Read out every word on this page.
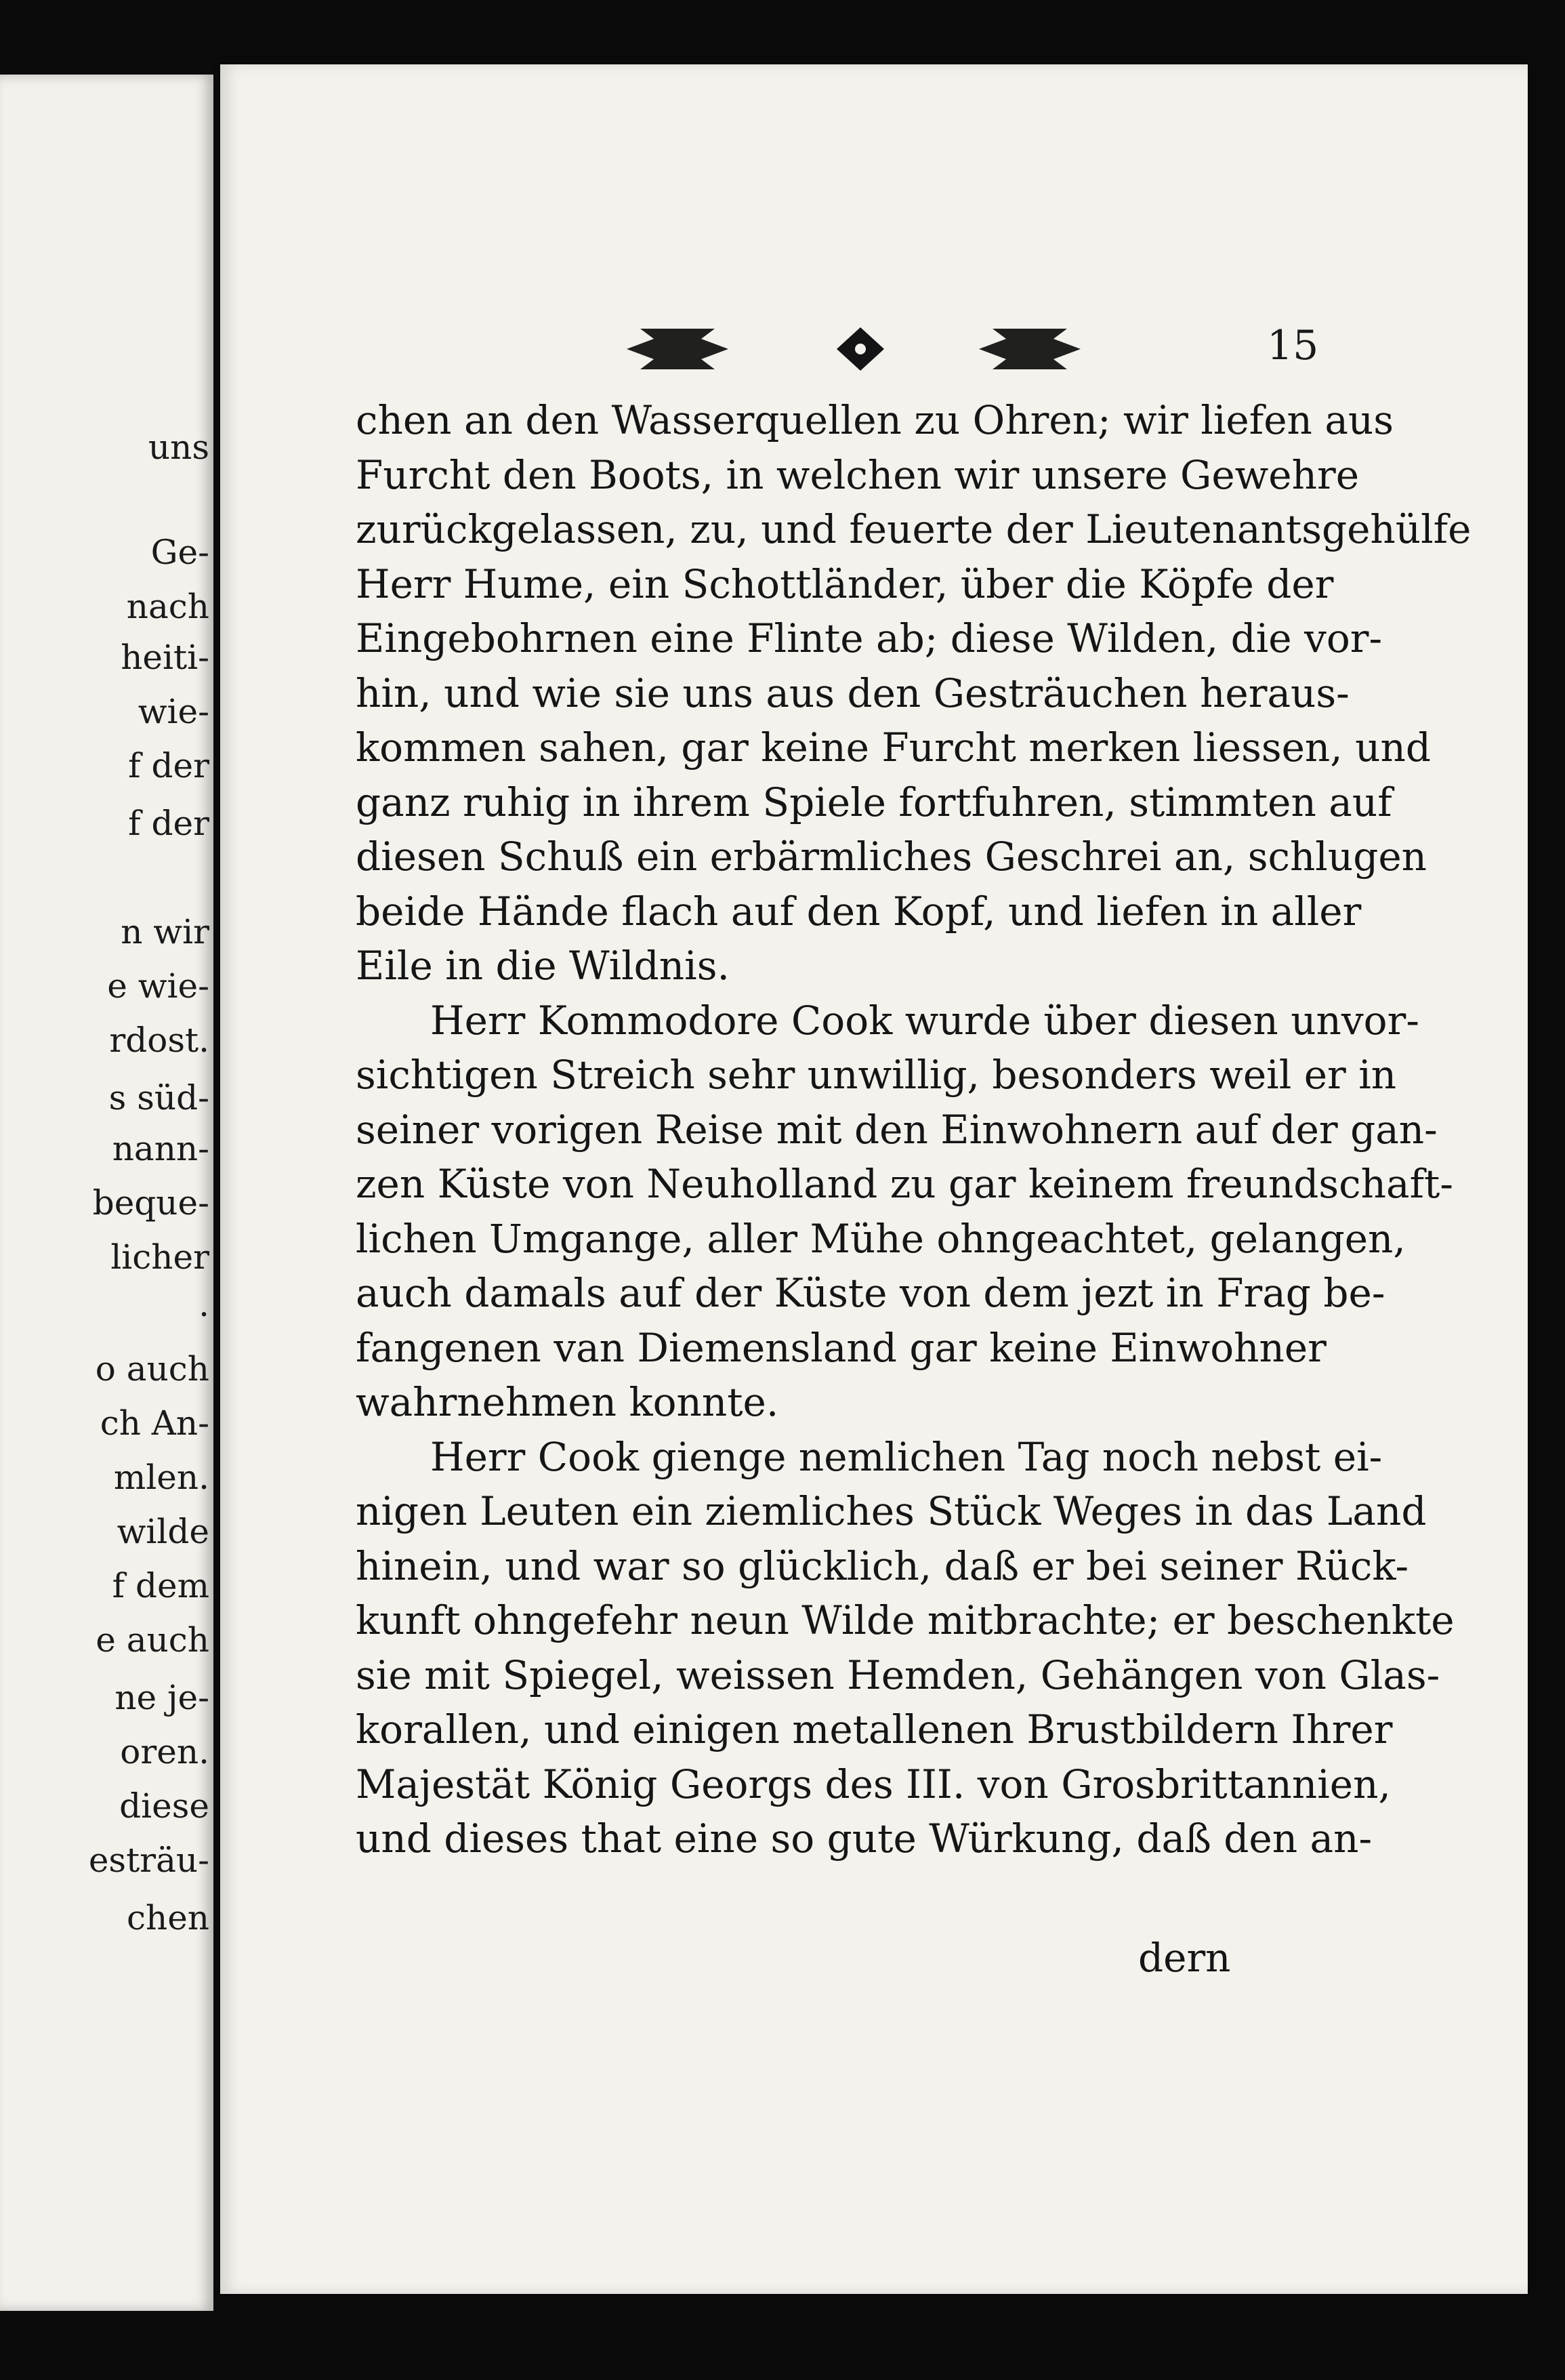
uns
Ge-
nach
heiti-
wie-
f der
f der
n wir
e wie-
rdost.
s süd-
nann-
beque-
licher
.
o auch
ch An-
mlen.
wilde
f dem
e auch
ne je-
oren.
diese
esträu-
chen
15
chen an den Wasserquellen zu Ohren; wir liefen aus
Furcht den Boots, in welchen wir unsere Gewehre
zurückgelassen, zu, und feuerte der Lieutenantsgehülfe
Herr Hume, ein Schottländer, über die Köpfe der
Eingebohrnen eine Flinte ab; diese Wilden, die vor-
hin, und wie sie uns aus den Gesträuchen heraus-
kommen sahen, gar keine Furcht merken liessen, und
ganz ruhig in ihrem Spiele fortfuhren, stimmten auf
diesen Schuß ein erbärmliches Geschrei an, schlugen
beide Hände flach auf den Kopf, und liefen in aller
Eile in die Wildnis.
Herr Kommodore Cook wurde über diesen unvor-
sichtigen Streich sehr unwillig, besonders weil er in
seiner vorigen Reise mit den Einwohnern auf der gan-
zen Küste von Neuholland zu gar keinem freundschaft-
lichen Umgange, aller Mühe ohngeachtet, gelangen,
auch damals auf der Küste von dem jezt in Frag be-
fangenen van Diemensland gar keine Einwohner
wahrnehmen konnte.
Herr Cook gienge nemlichen Tag noch nebst ei-
nigen Leuten ein ziemliches Stück Weges in das Land
hinein, und war so glücklich, daß er bei seiner Rück-
kunft ohngefehr neun Wilde mitbrachte; er beschenkte
sie mit Spiegel, weissen Hemden, Gehängen von Glas-
korallen, und einigen metallenen Brustbildern Ihrer
Majestät König Georgs des III. von Grosbrittannien,
und dieses that eine so gute Würkung, daß den an-
dern
